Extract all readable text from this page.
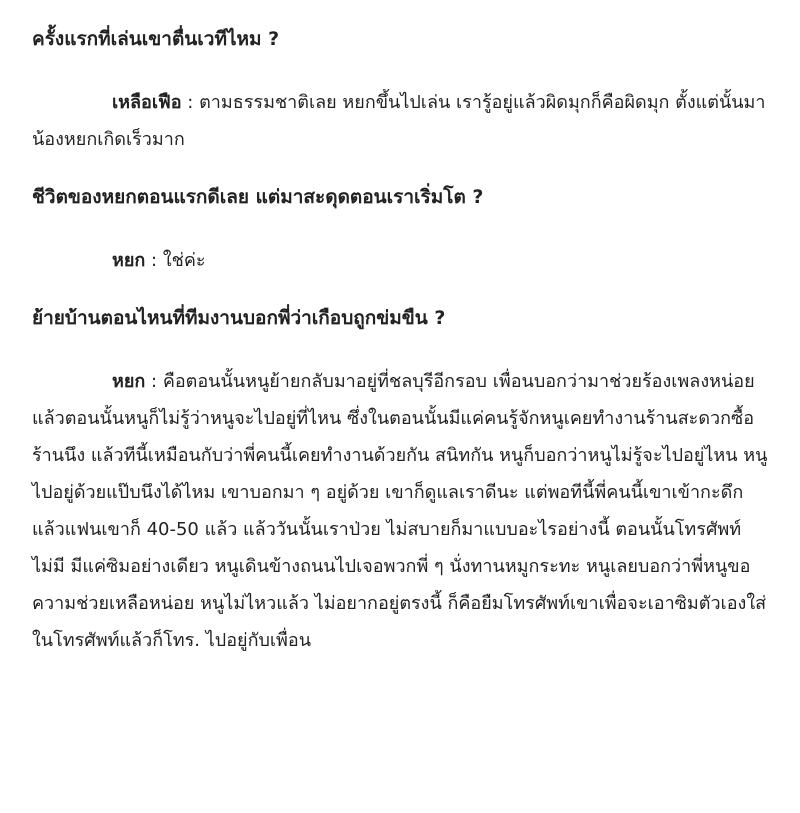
ครั้งแรกที่เล่นเขาตื่นเวทีไหม ?

เหลือเฟือ : ตามธรรมชาติเลย หยกขึ้นไปเล่น เรารู้อยู่แล้วผิดมุกก็คือผิดมุก ตั้งแต่นั้นมาน้องหยกเกิดเร็วมาก

ชีวิตของหยกตอนแรกดีเลย แต่มาสะดุดตอนเราเริ่มโต ?

หยก : ใช่ค่ะ

ย้ายบ้านตอนไหนที่ทีมงานบอกพี่ว่าเกือบถูกข่มขืน ?

หยก : คือตอนนั้นหนูย้ายกลับมาอยู่ที่ชลบุรีอีกรอบ เพื่อนบอกว่ามาช่วยร้องเพลงหน่อย แล้วตอนนั้นหนูก็ไม่รู้ว่าหนูจะไปอยู่ที่ไหน ซึ่งในตอนนั้นมีแค่คนรู้จักหนูเคยทำงานร้านสะดวกซื้อร้านนึง แล้วทีนี้เหมือนกับว่าพี่คนนี้เคยทำงานด้วยกัน สนิทกัน หนูก็บอกว่าหนูไม่รู้จะไปอยู่ไหน หนูไปอยู่ด้วยแป๊บนึงได้ไหม เขาบอกมา ๆ อยู่ด้วย เขาก็ดูแลเราดีนะ แต่พอทีนี้พี่คนนี้เขาเข้ากะดึก แล้วแฟนเขาก็ 40-50 แล้ว แล้ววันนั้นเราป่วย ไม่สบายก็มาแบบอะไรอย่างนี้ ตอนนั้นโทรศัพท์ไม่มี มีแค่ซิมอย่างเดียว หนูเดินข้างถนนไปเจอพวกพี่ ๆ นั่งทานหมูกระทะ หนูเลยบอกว่าพี่หนูขอความช่วยเหลือหน่อย หนูไม่ไหวแล้ว ไม่อยากอยู่ตรงนี้ ก็คือยืมโทรศัพท์เขาเพื่อจะเอาซิมตัวเองใส่ในโทรศัพท์แล้วก็โทร. ไปอยู่กับเพื่อน
